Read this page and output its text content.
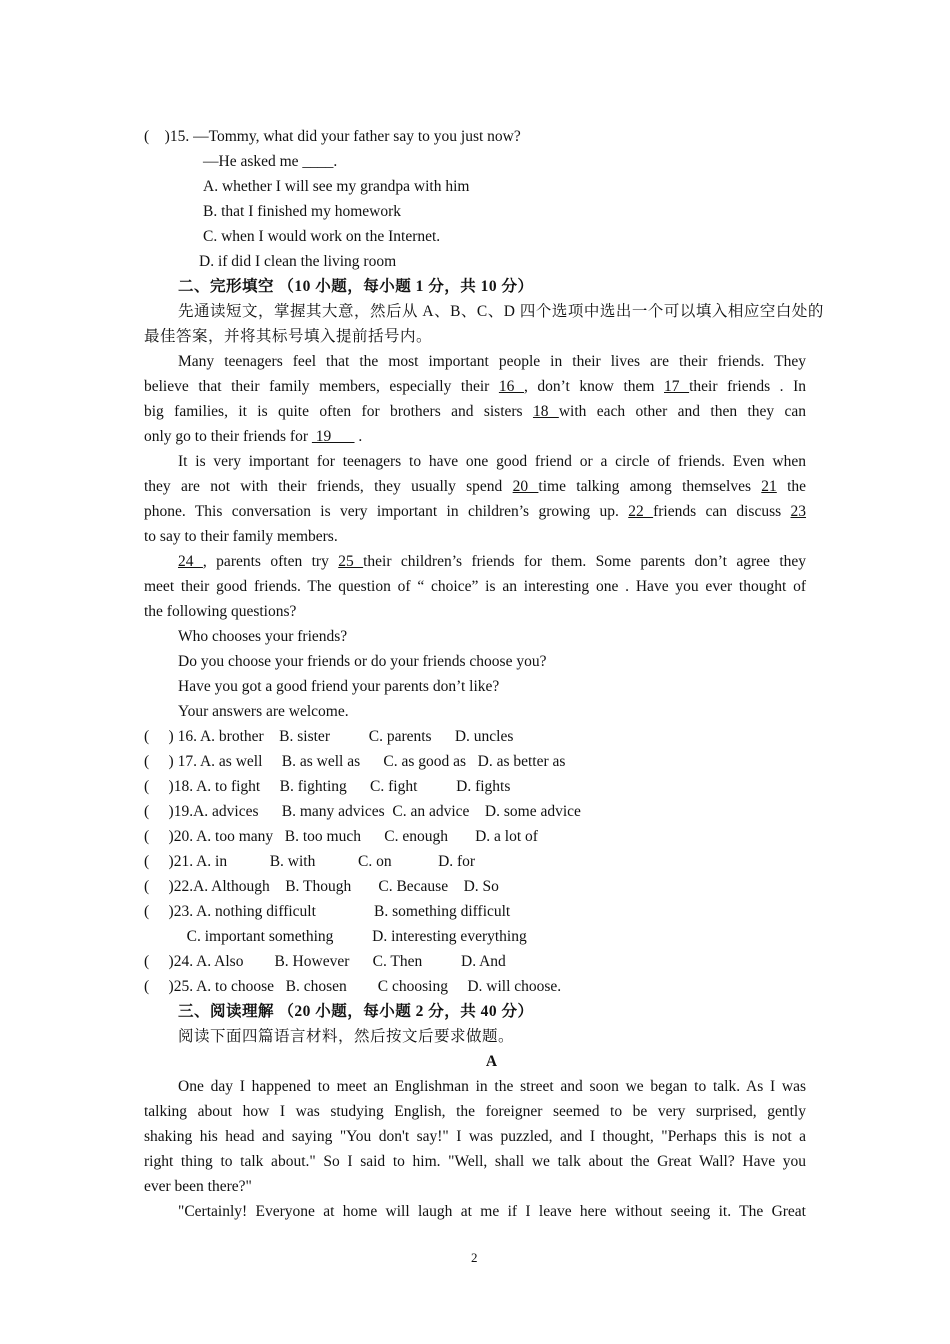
(    )15. —Tommy, what did your father say to you just now?
—He asked me ____.
A. whether I will see my grandpa with him
B. that I finished my homework
C. when I would work on the Internet.
D. if did I clean the living room
二、完形填空 （10 小题，每小题 1 分，共 10 分）
先通读短文，掌握其大意，然后从 A、B、C、D 四个选项中选出一个可以填入相应空白处的
最佳答案，并将其标号填入提前括号内。
Many teenagers feel that the most important people in their lives are their friends. They
believe that their family members, especially their 16 , don’t know them 17 their friends . In
big families, it is quite often for brothers and sisters 18 with each other and then they can
only go to their friends for  19       .
It is very important for teenagers to have one good friend or a circle of friends. Even when
they are not with their friends, they usually spend 20 time talking among themselves 21 the
phone. This conversation is very important in children’s growing up. 22 friends can discuss 23
to say to their family members.
24 , parents often try 25 their children’s friends for them. Some parents don’t agree they
meet their good friends. The question of “ choice” is an interesting one . Have you ever thought of
the following questions?
Who chooses your friends?
Do you choose your friends or do your friends choose you?
Have you got a good friend your parents don’t like?
Your answers are welcome.
(     ) 16. A. brother    B. sister          C. parents      D. uncles
(     ) 17. A. as well     B. as well as      C. as good as   D. as better as
(     )18. A. to fight     B. fighting      C. fight          D. fights
(     )19.A. advices      B. many advices  C. an advice    D. some advice
(     )20. A. too many   B. too much      C. enough       D. a lot of
(     )21. A. in           B. with           C. on            D. for
(     )22.A. Although    B. Though       C. Because    D. So
(     )23. A. nothing difficult               B. something difficult
C. important something          D. interesting everything
(     )24. A. Also        B. However      C. Then          D. And
(     )25. A. to choose   B. chosen        C choosing     D. will choose.
三、阅读理解 （20 小题，每小题 2 分，共 40 分）
阅读下面四篇语言材料，然后按文后要求做题。
A
One day I happened to meet an Englishman in the street and soon we began to talk. As I was
talking about how I was studying English, the foreigner seemed to be very surprised, gently
shaking his head and saying "You don't say!" I was puzzled, and I thought, "Perhaps this is not a
right thing to talk about." So I said to him. "Well, shall we talk about the Great Wall? Have you
ever been there?"
"Certainly! Everyone at home will laugh at me if I leave here without seeing it. The Great
2
